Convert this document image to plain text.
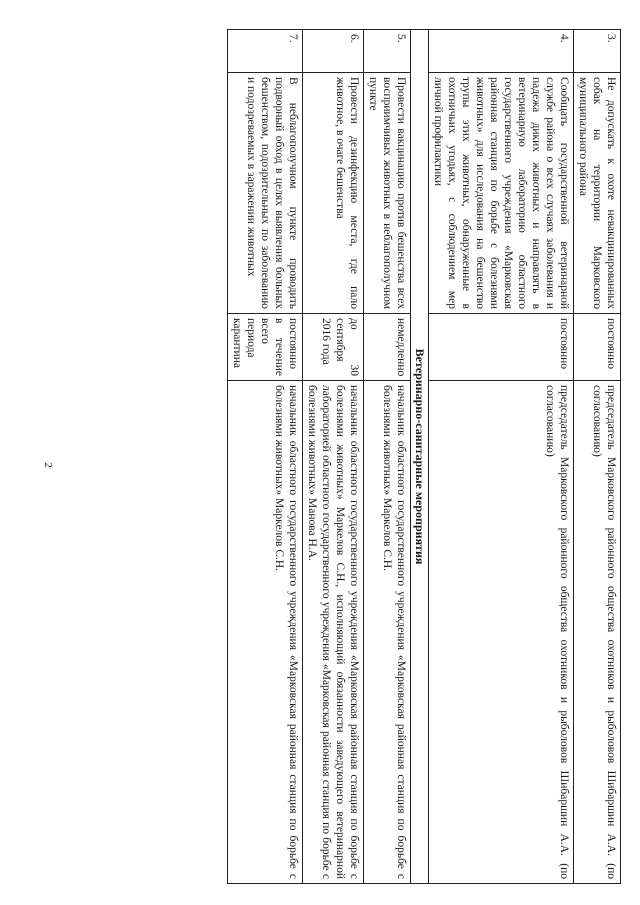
2
3.	Не допускать к охоте невакцинированных собак на территории Марковского муниципального района	постоянно	председатель Марковского районного общества охотников и рыболовов Шибаршин А.А. (по согласованию)
4.	Сообщать государственной ветеринарной службе района о всех случаях заболевания и падежа диких животных и направлять в ветеринарную лабораторию областного государственного учреждения «Марковская районная станция по борьбе с болезнями животных» для исследования на бешенство трупы этих животных, обнаруженные в охотничьих угодьях, с соблюдением мер личной профилактики	постоянно	председатель Марковского районного общества охотников и рыболовов Шибаршин А.А. (по согласованию)
Ветеринарно-санитарные мероприятия			
5.	Провести вакцинацию против бешенства всех восприимчивых животных в неблагополучном пункте	немедленно	начальник областного государственного учреждения «Марковская районная станция по борьбе с болезнями животных» Маркелов С.Н.
6.	Провести дезинфекцию места, где пало животное, в очаге бешенства	до 30 сентября 2016 года	начальник областного государственного учреждения «Марковская районная станция по борьбе с болезнями животных» Маркелов С.Н., исполняющий обязанности заведующего ветеринарной лабораторией областного государственного учреждения «Марковская районная станция по борьбе с болезнями животных» Манова Н.А.
7.	В неблагополучном пункте проводить подворный обход в целях выявления больных бешенством, подозрительных по заболеванию и подозреваемых в заражении животных	постоянно в течение всего периода карантина	начальник областного государственного учреждения «Марковская районная станция по борьбе с болезнями животных» Маркелов С.Н.
